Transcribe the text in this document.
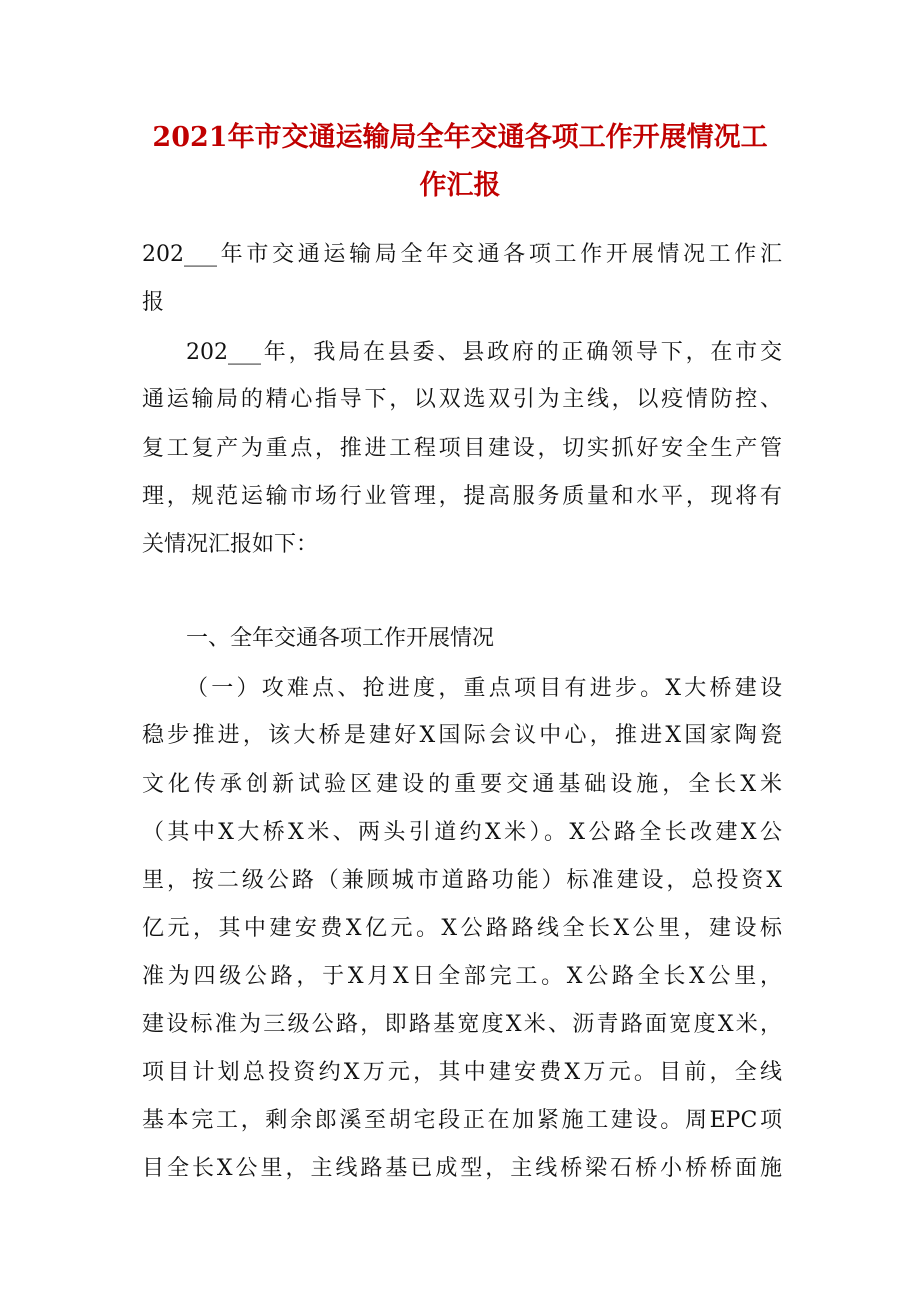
2021年市交通运输局全年交通各项工作开展情况工
作汇报

202___年市交通运输局全年交通各项工作开展情况工作汇

报

202___年，我局在县委、县政府的正确领导下，在市交

通运输局的精心指导下，以双选双引为主线，以疫情防控、

复工复产为重点，推进工程项目建设，切实抓好安全生产管

理，规范运输市场行业管理，提高服务质量和水平，现将有

关情况汇报如下：

一、全年交通各项工作开展情况

（一）攻难点、抢进度，重点项目有进步。X大桥建设

稳步推进，该大桥是建好X国际会议中心，推进X国家陶瓷

文化传承创新试验区建设的重要交通基础设施，全长X米

（其中X大桥X米、两头引道约X米）。X公路全长改建X公

里，按二级公路（兼顾城市道路功能）标准建设，总投资X

亿元，其中建安费X亿元。X公路路线全长X公里，建设标

准为四级公路，于X月X日全部完工。X公路全长X公里，

建设标准为三级公路，即路基宽度X米、沥青路面宽度X米，

项目计划总投资约X万元，其中建安费X万元。目前，全线

基本完工，剩余郎溪至胡宅段正在加紧施工建设。周EPC项

目全长X公里，主线路基已成型，主线桥梁石桥小桥桥面施
